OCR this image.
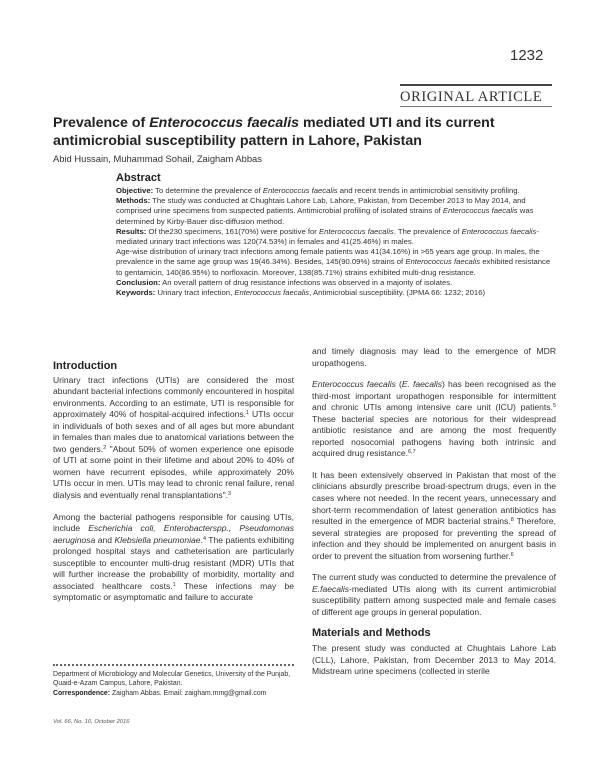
1232
ORIGINAL ARTICLE
Prevalence of Enterococcus faecalis mediated UTI and its current antimicrobial susceptibility pattern in Lahore, Pakistan
Abid Hussain, Muhammad Sohail, Zaigham Abbas
Abstract

Objective: To determine the prevalence of Enterococcus faecalis and recent trends in antimicrobial sensitivity profiling.

Methods: The study was conducted at Chughtais Lahore Lab, Lahore, Pakistan, from December 2013 to May 2014, and comprised urine specimens from suspected patients. Antimicrobial profiling of isolated strains of Enterococcus faecalis was determined by Kirby-Bauer disc-diffusion method.

Results: Of the230 specimens, 161(70%) were positive for Enterococcus faecalis. The prevalence of Enterococcus faecalis-mediated urinary tract infections was 120(74.53%) in females and 41(25.46%) in males.

Age-wise distribution of urinary tract infections among female patients was 41(34.16%) in >65 years age group. In males, the prevalence in the same age group was 19(46.34%). Besides, 145(90.09%) strains of Enterococcus faecalis exhibited resistance to gentamicin, 140(86.95%) to norfloxacin. Moreover, 138(85.71%) strains exhibited multi-drug resistance.

Conclusion: An overall pattern of drug resistance infections was observed in a majority of isolates.

Keywords: Urinary tract infection, Enterococcus faecalis, Antimicrobial susceptibility. (JPMA 66: 1232; 2016)

Introduction

Urinary tract infections (UTIs) are considered the most abundant bacterial infections commonly encountered in hospital environments. According to an estimate, UTI is responsible for approximately 40% of hospital-acquired infections.$^1$ UTIs occur in individuals of both sexes and of all ages but more abundant in females than males due to anatomical variations between the two genders.$^2$ "About 50% of women experience one episode of UTI at some point in their lifetime and about 20% to 40% of women have recurrent episodes, while approximately 20% UTIs occur in men. UTIs may lead to chronic renal failure, renal dialysis and eventually renal transplantations".$^3$

Among the bacterial pathogens responsible for causing UTIs, include Escherichia coli, Enterobacterspp., Pseudomonas aeruginosa and Klebsiella pneumoniae.$^4$ The patients exhibiting prolonged hospital stays and catheterisation are particularly susceptible to encounter multi-drug resistant (MDR) UTIs that will further increase the probability of morbidity, mortality and associated healthcare costs.$^1$ These infections may be symptomatic or asymptomatic and failure to accurate

and timely diagnosis may lead to the emergence of MDR uropathogens.

Enterococcus faecalis (E. faecalis) has been recognised as the third-most important uropathogen responsible for intermittent and chronic UTIs among intensive care unit (ICU) patients.$^5$ These bacterial species are notorious for their widespread antibiotic resistance and are among the most frequently reported nosocomial pathogens having both intrinsic and acquired drug resistance.$^{6,7}$

It has been extensively observed in Pakistan that most of the clinicians absurdly prescribe broad-spectrum drugs, even in the cases where not needed. In the recent years, unnecessary and short-term recommendation of latest generation antibiotics has resulted in the emergence of MDR bacterial strains.$^8$ Therefore, several strategies are proposed for preventing the spread of infection and they should be implemented on anurgent basis in order to prevent the situation from worsening further.$^6$

The current study was conducted to determine the prevalence of E.faecalis-mediated UTIs along with its current antimicrobial susceptibility pattern among suspected male and female cases of different age groups in general population.

Materials and Methods

The present study was conducted at Chughtais Lahore Lab (CLL), Lahore, Pakistan, from December 2013 to May 2014. Midstream urine specimens (collected in sterile

Department of Microbiology and Molecular Genetics, University of the Punjab, Quaid-e-Azam Campus, Lahore, Pakistan.
Correspondence: Zaigham Abbas. Email: zaigham.mmg@gmail.com
Vol. 66, No. 10, October 2016
